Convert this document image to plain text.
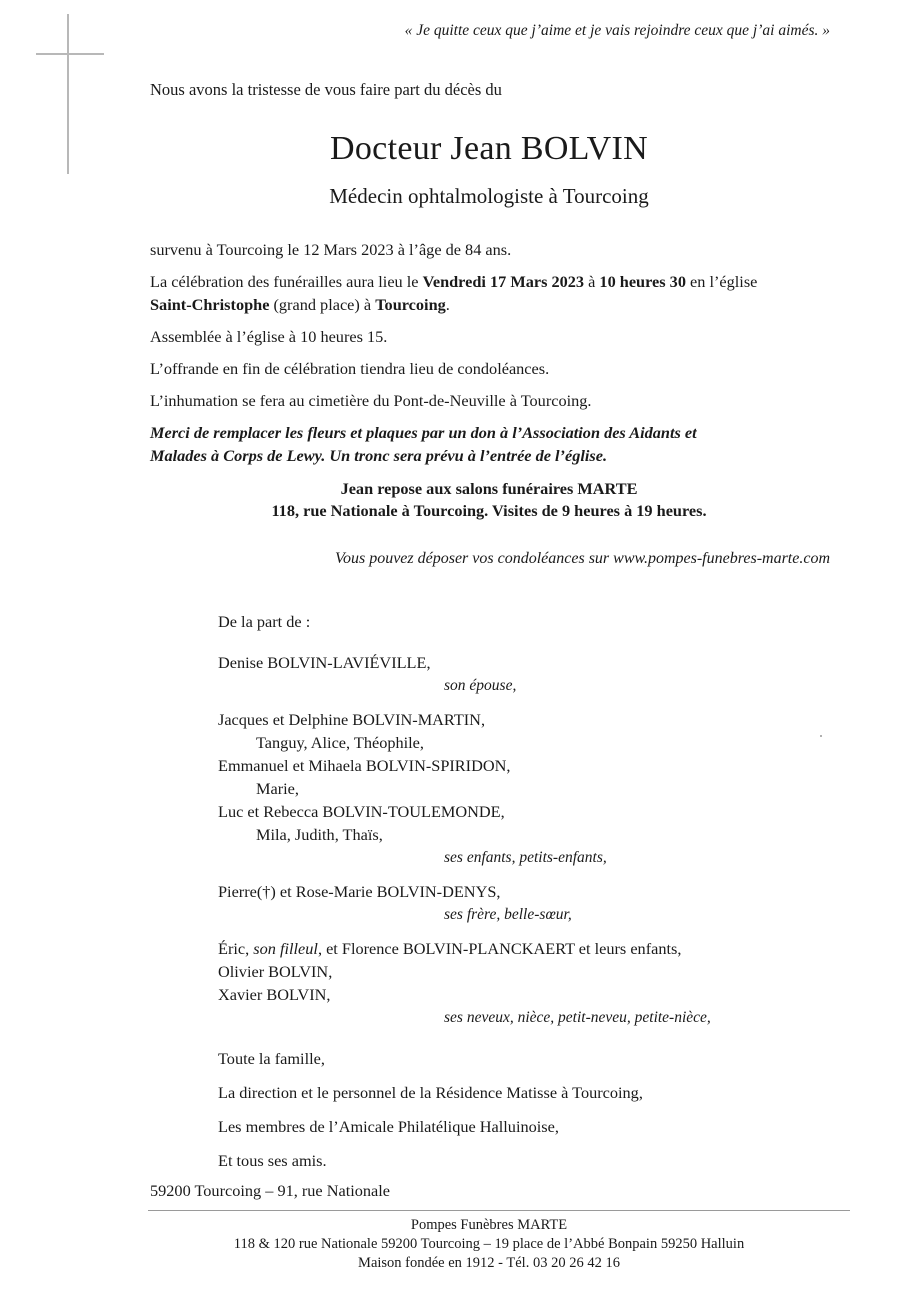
« Je quitte ceux que j’aime et je vais rejoindre ceux que j’ai aimés. »
Nous avons la tristesse de vous faire part du décès du
Docteur Jean BOLVIN
Médecin ophtalmologiste à Tourcoing

survenu à Tourcoing le 12 Mars 2023 à l’âge de 84 ans.

La célébration des funérailles aura lieu le Vendredi 17 Mars 2023 à 10 heures 30 en l’église
Saint-Christophe (grand place) à Tourcoing.

Assemblée à l’église à 10 heures 15.

L’offrande en fin de célébration tiendra lieu de condoléances.

L’inhumation se fera au cimetière du Pont-de-Neuville à Tourcoing.

Merci de remplacer les fleurs et plaques par un don à l’Association des Aidants et
Malades à Corps de Lewy. Un tronc sera prévu à l’entrée de l’église.

Jean repose aux salons funéraires MARTE
118, rue Nationale à Tourcoing. Visites de 9 heures à 19 heures.
Vous pouvez déposer vos condoléances sur www.pompes-funebres-marte.com
De la part de :
Denise BOLVIN-LAVIÉVILLE,
son épouse,
Jacques et Delphine BOLVIN-MARTIN,
Tanguy, Alice, Théophile,
Emmanuel et Mihaela BOLVIN-SPIRIDON,
Marie,
Luc et Rebecca BOLVIN-TOULEMONDE,
Mila, Judith, Thaïs,
ses enfants, petits-enfants,
Pierre(†) et Rose-Marie BOLVIN-DENYS,
ses frère, belle-sœur,
Éric, son filleul, et Florence BOLVIN-PLANCKAERT et leurs enfants,
Olivier BOLVIN,
Xavier BOLVIN,
ses neveux, nièce, petit-neveu, petite-nièce,
Toute la famille,
La direction et le personnel de la Résidence Matisse à Tourcoing,
Les membres de l’Amicale Philatélique Halluinoise,
Et tous ses amis.
59200 Tourcoing – 91, rue Nationale
Pompes Funèbres MARTE
118 & 120 rue Nationale 59200 Tourcoing – 19 place de l’Abbé Bonpain 59250 Halluin
Maison fondée en 1912 - Tél. 03 20 26 42 16
